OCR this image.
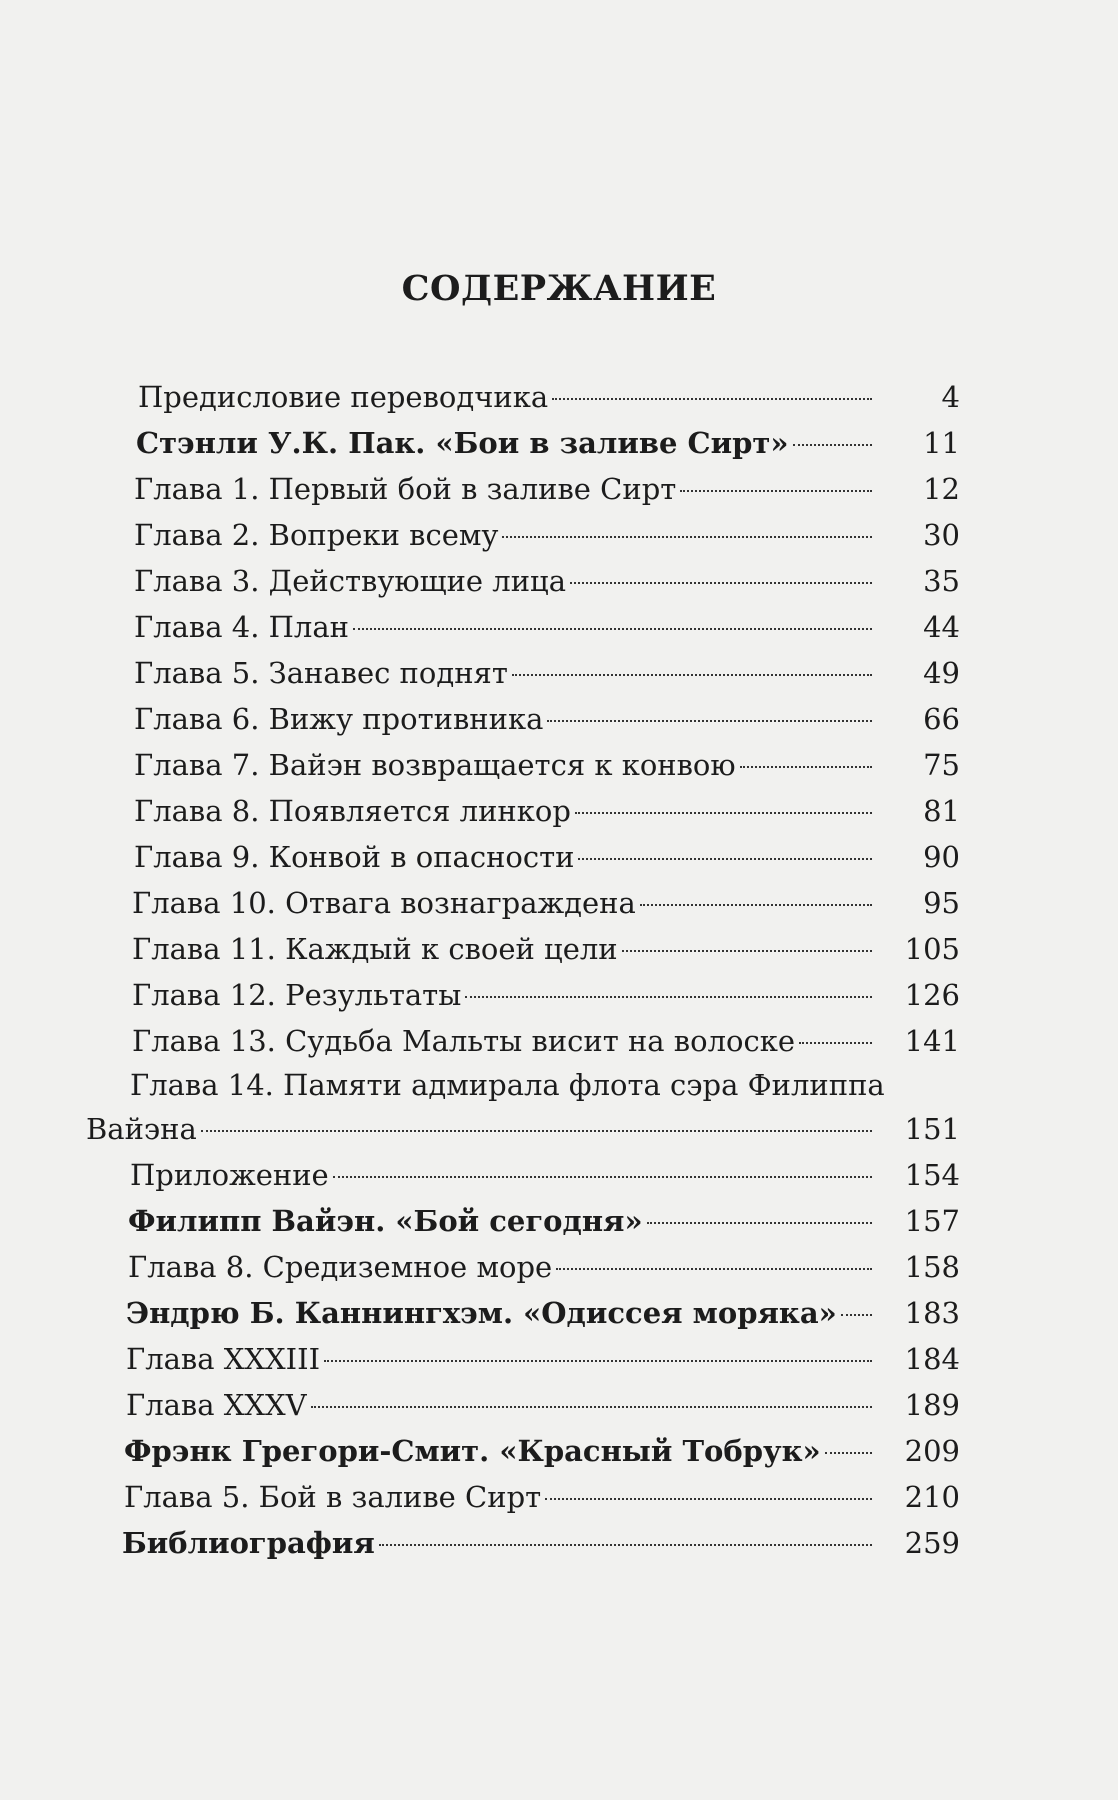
СОДЕРЖАНИЕ
Предисловие переводчика	4
Стэнли У.К. Пак. «Бои в заливе Сирт»	11
Глава 1. Первый бой в заливе Сирт	12
Глава 2. Вопреки всему	30
Глава 3. Действующие лица	35
Глава 4. План	44
Глава 5. Занавес поднят	49
Глава 6. Вижу противника	66
Глава 7. Вайэн возвращается к конвою	75
Глава 8. Появляется линкор	81
Глава 9. Конвой в опасности	90
Глава 10. Отвага вознаграждена	95
Глава 11. Каждый к своей цели	105
Глава 12. Результаты	126
Глава 13. Судьба Мальты висит на волоске	141
Глава 14. Памяти адмирала флота сэра Филиппа
Вайэна	151
Приложение	154
Филипп Вайэн. «Бой сегодня»	157
Глава 8. Средиземное море	158
Эндрю Б. Каннингхэм. «Одиссея моряка»	183
Глава XXXIII	184
Глава XXXV	189
Фрэнк Грегори-Смит. «Красный Тобрук»	209
Глава 5. Бой в заливе Сирт	210
Библиография	259
